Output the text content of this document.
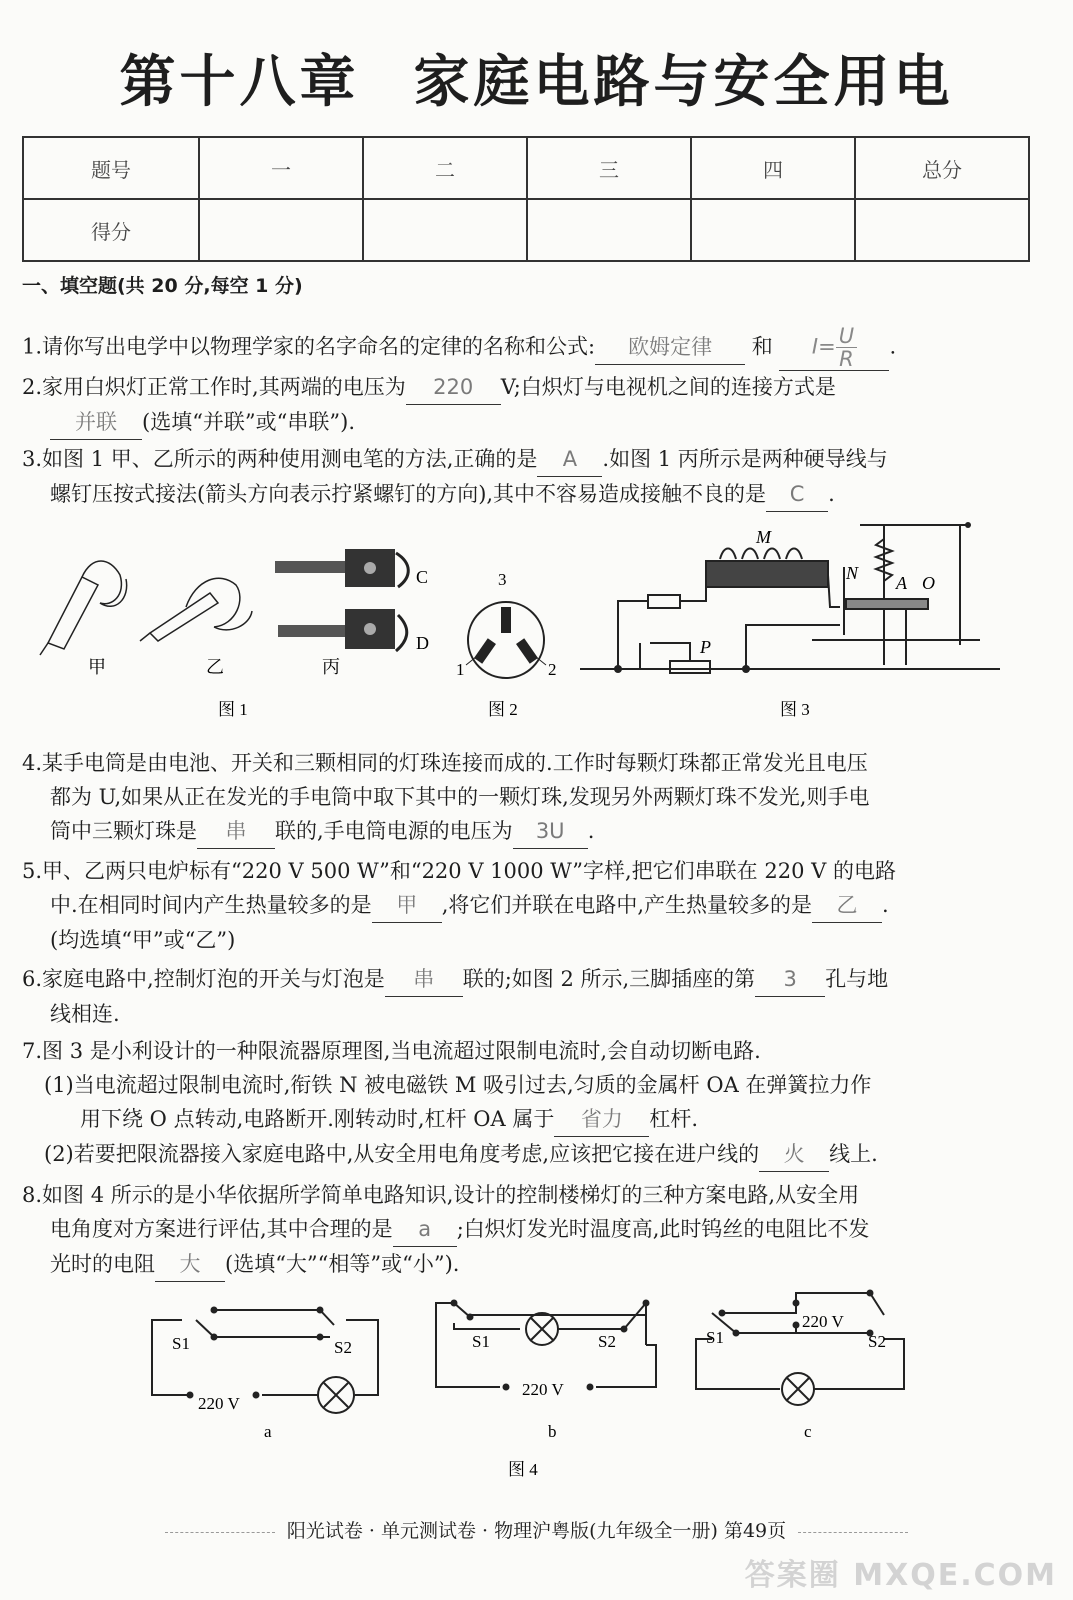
第十八章 家庭电路与安全用电
题号	一	二	三	四	总分
得分					
一、填空题(共 20 分,每空 1 分)
1.请你写出电学中以物理学家的名字命名的定律的名称和公式: 欧姆定律 和 $I= \frac{U}{R}$ .
2.家用白炽灯正常工作时,其两端的电压为 220 V;白炽灯与电视机之间的连接方式是
并联 (选填“并联”或“串联”).
3.如图 1 甲、乙所示的两种使用测电笔的方法,正确的是 A .如图 1 丙所示是两种硬导线与
螺钉压按式接法(箭头方向表示拧紧螺钉的方向),其中不容易造成接触不良的是 C .
C
D
甲	乙	丙
图 1
3
1	2
图 2
M
N A O
P
图 3
4.某手电筒是由电池、开关和三颗相同的灯珠连接而成的.工作时每颗灯珠都正常发光且电压
都为 U,如果从正在发光的手电筒中取下其中的一颗灯珠,发现另外两颗灯珠不发光,则手电
筒中三颗灯珠是 串 联的,手电筒电源的电压为 3U .
5.甲、乙两只电炉标有“220 V 500 W”和“220 V 1000 W”字样,把它们串联在 220 V 的电路
中.在相同时间内产生热量较多的是 甲 ,将它们并联在电路中,产生热量较多的是 乙 .
(均选填“甲”或“乙”)
6.家庭电路中,控制灯泡的开关与灯泡是 串 联的;如图 2 所示,三脚插座的第 3 孔与地
线相连.
7.图 3 是小利设计的一种限流器原理图,当电流超过限制电流时,会自动切断电路.
(1)当电流超过限制电流时,衔铁 N 被电磁铁 M 吸引过去,匀质的金属杆 OA 在弹簧拉力作
用下绕 O 点转动,电路断开.刚转动时,杠杆 OA 属于 省力 杠杆.
(2)若要把限流器接入家庭电路中,从安全用电角度考虑,应该把它接在进户线的 火 线上.
8.如图 4 所示的是小华依据所学简单电路知识,设计的控制楼梯灯的三种方案电路,从安全用
电角度对方案进行评估,其中合理的是 a ;白炽灯发光时温度高,此时钨丝的电阻比不发
光时的电阻 大 (选填“大”“相等”或“小”).
S1	S2
220 V
a
S1	S2
220 V
b
S1	S2
220 V
c
图 4
阳光试卷 · 单元测试卷 · 物理沪粤版(九年级全一册) 第49页
答案圈 MXQE.COM
